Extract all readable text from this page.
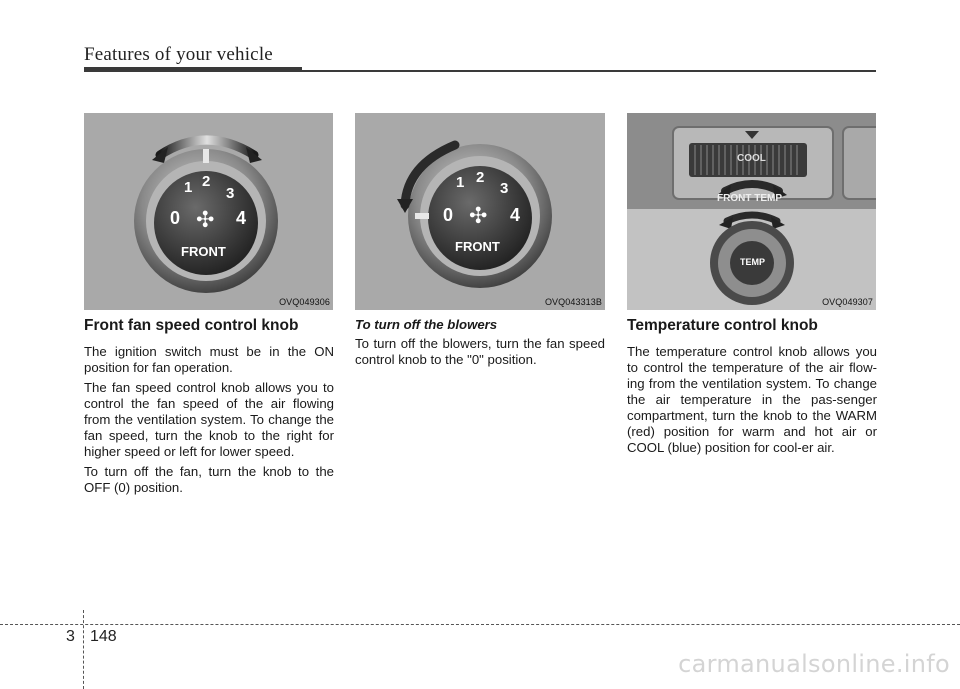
Features of your vehicle
0
1 2
3
4
✣
FRONT
OVQ049306
0
1 2
3
4
✣
FRONT
OVQ043313B
COOL
FRONT TEMP
TEMP
OVQ049307
Front fan speed control knob

The ignition switch must be in the ON position for fan operation.

The fan speed control knob allows you to control the fan speed of the air flowing from the ventilation system. To change the fan speed, turn the knob to the right for higher speed or left for lower speed.

To turn off the fan, turn the knob to the OFF (0) position.

To turn off the blowers

To turn off the blowers, turn the fan speed control knob to the "0" position.

Temperature control knob

The temperature control knob allows you to control the temperature of the air flow-ing from the ventilation system. To change the air temperature in the pas-senger compartment, turn the knob to the WARM (red) position for warm and hot air or COOL (blue) position for cool-er air.

3 148
carmanualsonline.info
